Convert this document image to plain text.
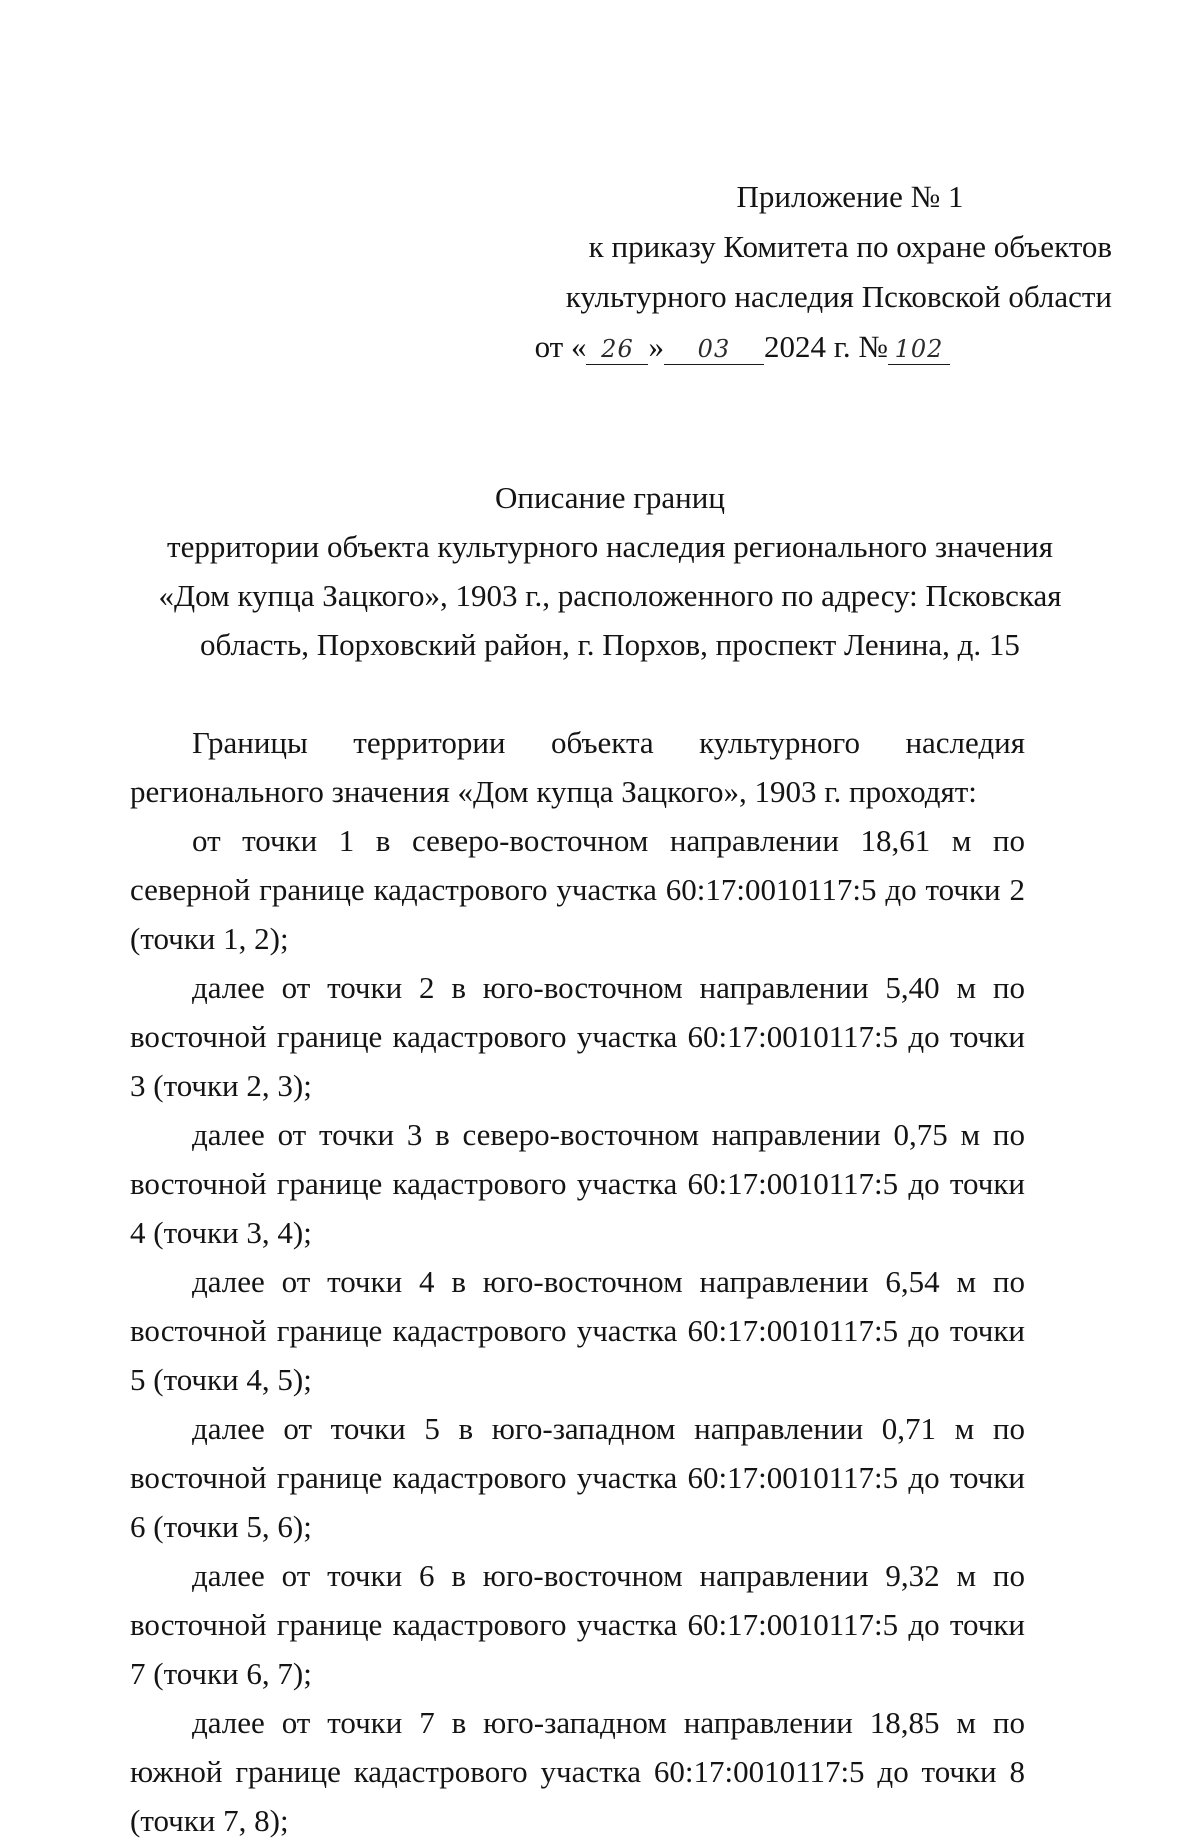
Приложение № 1
к приказу Комитета по охране объектов
культурного наследия Псковской области
от « 26 » 03 2024 г. № 102
Описание границ
территории объекта культурного наследия регионального значения
«Дом купца Зацкого», 1903 г., расположенного по адресу: Псковская
область, Порховский район, г. Порхов, проспект Ленина, д. 15

Границы территории объекта культурного наследия регионального значения «Дом купца Зацкого», 1903 г. проходят:

от точки 1 в северо-восточном направлении 18,61 м по северной границе кадастрового участка 60:17:0010117:5 до точки 2 (точки 1, 2);

далее от точки 2 в юго-восточном направлении 5,40 м по восточной границе кадастрового участка 60:17:0010117:5 до точки 3 (точки 2, 3);

далее от точки 3 в северо-восточном направлении 0,75 м по восточной границе кадастрового участка 60:17:0010117:5 до точки 4 (точки 3, 4);

далее от точки 4 в юго-восточном направлении 6,54 м по восточной границе кадастрового участка 60:17:0010117:5 до точки 5 (точки 4, 5);

далее от точки 5 в юго-западном направлении 0,71 м по восточной границе кадастрового участка 60:17:0010117:5 до точки 6 (точки 5, 6);

далее от точки 6 в юго-восточном направлении 9,32 м по восточной границе кадастрового участка 60:17:0010117:5 до точки 7 (точки 6, 7);

далее от точки 7 в юго-западном направлении 18,85 м по южной границе кадастрового участка 60:17:0010117:5 до точки 8 (точки 7, 8);
